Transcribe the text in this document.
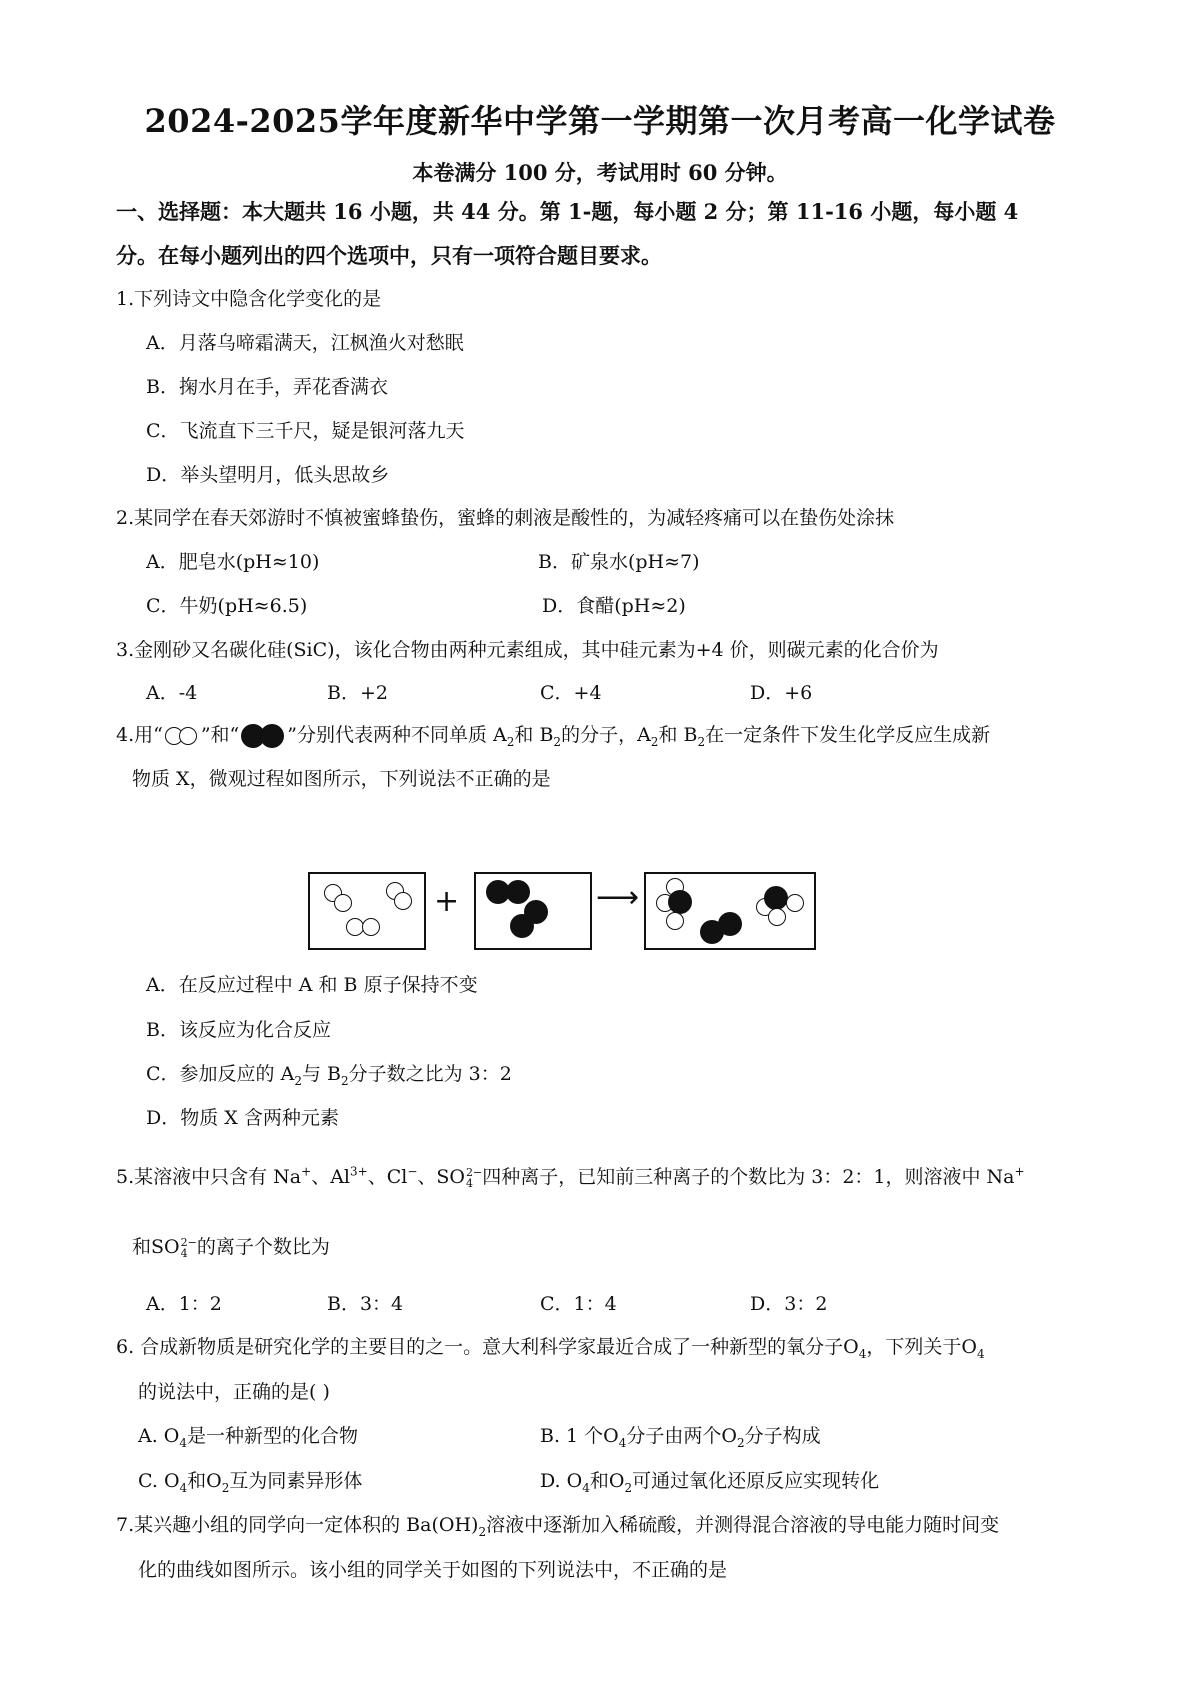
2024-2025学年度新华中学第一学期第一次月考高一化学试卷
本卷满分 100 分，考试用时 60 分钟。
一、选择题：本大题共 16 小题，共 44 分。第 1-题，每小题 2 分；第 11-16 小题，每小题 4
分。在每小题列出的四个选项中，只有一项符合题目要求。
1.下列诗文中隐含化学变化的是
A．月落乌啼霜满天，江枫渔火对愁眠
B．掬水月在手，弄花香满衣
C．飞流直下三千尺，疑是银河落九天
D．举头望明月，低头思故乡
2.某同学在春天郊游时不慎被蜜蜂蛰伤，蜜蜂的刺液是酸性的，为减轻疼痛可以在蛰伤处涂抹
A．肥皂水(pH≈10)	B．矿泉水(pH≈7)
C．牛奶(pH≈6.5)	D．食醋(pH≈2)
3.金刚砂又名碳化硅(SiC)，该化合物由两种元素组成，其中硅元素为+4 价，则碳元素的化合价为
A．-4	B．+2	C．+4	D．+6
4.用“ ”和“	”分别代表两种不同单质 $A_2$和 $B_2$的分子，$A_2$和 $B_2$在一定条件下发生化学反应生成新
物质 X，微观过程如图所示，下列说法不正确的是
+	⟶
A．在反应过程中 A 和 B 原子保持不变
B．该反应为化合反应
C．参加反应的 $A_2$与 $B_2$分子数之比为 3：2
D．物质 X 含两种元素
5.某溶液中只含有 Na+、$Al^{3+}$、Cl−、SO 2−
4 四种离子，已知前三种离子的个数比为 3：2：1，则溶液中 Na+
和SO 2−
4 的离子个数比为
A．1：2	B．3：4	C．1：4	D．3：2
6. 合成新物质是研究化学的主要目的之一。意大利科学家最近合成了一种新型的氧分子$O_4$，下列关于$O_4$
的说法中，正确的是( )
A. $O_4$是一种新型的化合物	B. 1 个$O_4$分子由两个$O_2$分子构成
C. $O_4$和$O_2$互为同素异形体	D. $O_4$和$O_2$可通过氧化还原反应实现转化
7.某兴趣小组的同学向一定体积的 $Ba(OH)_2$溶液中逐渐加入稀硫酸，并测得混合溶液的导电能力随时间变
化的曲线如图所示。该小组的同学关于如图的下列说法中，不正确的是
